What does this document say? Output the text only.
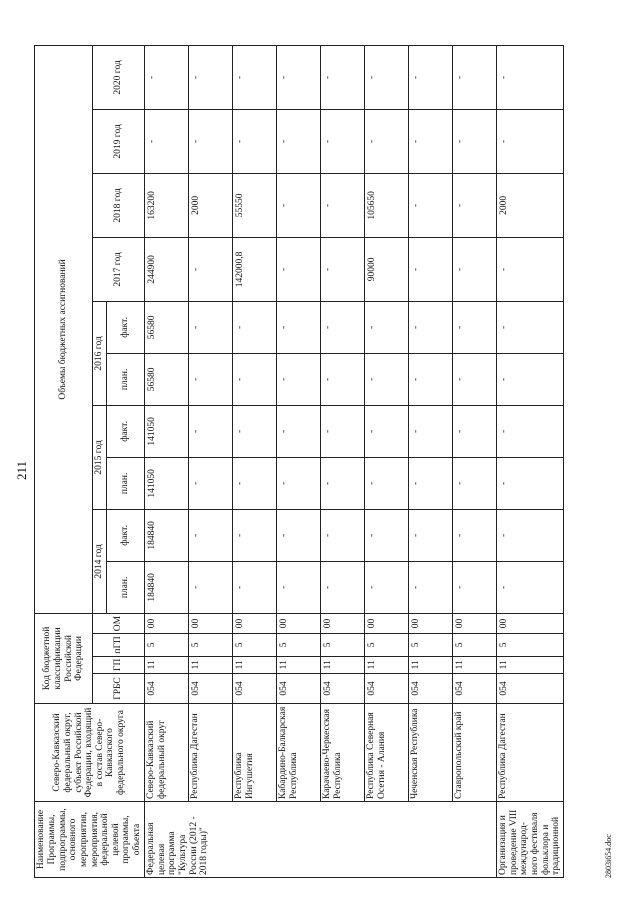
211
Наименование Программы, подпрограммы, основного мероприятия, мероприятия, федеральной целевой программы, объекта	Северо-Кавказский федеральный округ, субъект Российской Федерации, входящий в состав Северо-Кавказского федерального округа	Код бюджетной классификации Российской Федерации				Объемы бюджетных ассигнований									
		ГРБС	ГП	пГП	ОМ	2014 год		2015 год		2016 год		2017 год	2018 год	2019 год	2020 год
						план.	факт.	план.	факт.	план.	факт.				
Федеральная целевая программа "Культура России (2012 - 2018 годы)"	Северо-Кавказский федеральный округ	054	11	5	00	184840	184840	141050	141050	56580	56580	244900	163200	-	-
	Республика Дагестан	054	11	5	00	-	-	-	-	-	-	-	2000	-	-
	Республика Ингушетия	054	11	5	00	-	-	-	-	-	-	142000,8	55550	-	-
	Кабардино-Балкарская Республика	054	11	5	00	-	-	-	-	-	-	-	-	-	-
	Карачаево-Черкесская Республика	054	11	5	00	-	-	-	-	-	-	-	-	-	-
	Республика Северная Осетия - Алания	054	11	5	00	-	-	-	-	-	-	90000	105650	-	-
	Чеченская Республика	054	11	5	00	-	-	-	-	-	-	-	-	-	-
	Ставропольский край	054	11	5	00	-	-	-	-	-	-	-	-	-	-
Организация и проведение VIII международ-ного фестиваля фольклора и традиционной	Республика Дагестан	054	11	5	00	-	-	-	-	-	-	-	2000	-	-
2803i654.doc
